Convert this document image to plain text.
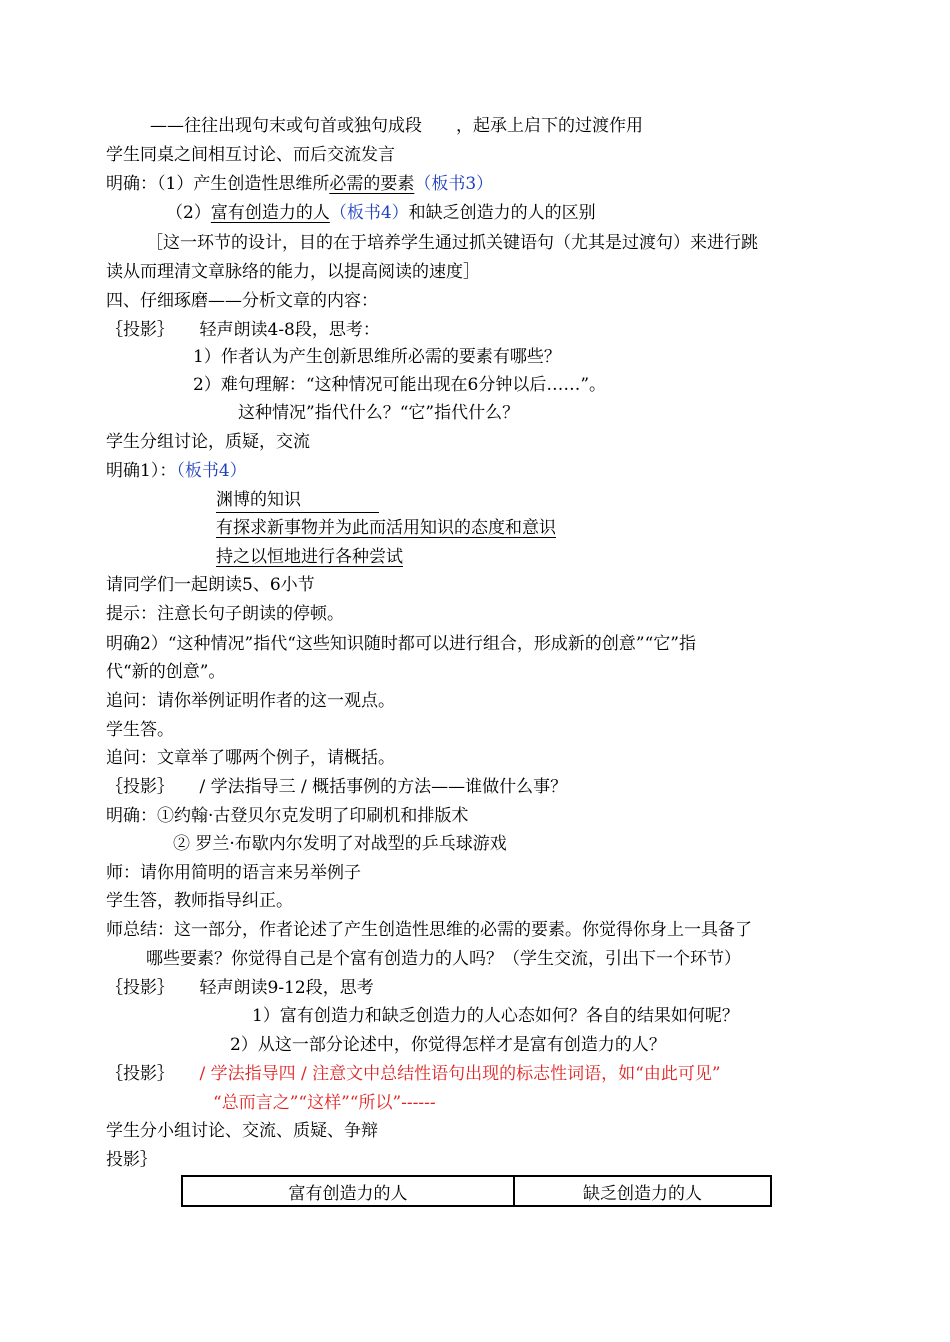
——往往出现句末或句首或独句成段　　，起承上启下的过渡作用
学生同桌之间相互讨论、而后交流发言
明确：（1）产生创造性思维所必需的要素（板书3）
（2）富有创造力的人（板书4）和缺乏创造力的人的区别
［这一环节的设计，目的在于培养学生通过抓关键语句（尤其是过渡句）来进行跳
读从而理清文章脉络的能力，以提高阅读的速度］
四、仔细琢磨——分析文章的内容：
｛投影｝　　轻声朗读4-8段，思考：
1）作者认为产生创新思维所必需的要素有哪些？
2）难句理解：“这种情况可能出现在6分钟以后……”。
这种情况”指代什么？“它”指代什么？
学生分组讨论，质疑，交流
明确1）：（板书4）
渊博的知识
有探求新事物并为此而活用知识的态度和意识
持之以恒地进行各种尝试
请同学们一起朗读5、6小节
提示：注意长句子朗读的停顿。
明确2）“这种情况”指代“这些知识随时都可以进行组合，形成新的创意”“它”指
代“新的创意”。
追问：请你举例证明作者的这一观点。
学生答。
追问：文章举了哪两个例子，请概括。
｛投影｝　　/ 学法指导三 / 概括事例的方法——谁做什么事？
明确：①约翰·古登贝尔克发明了印刷机和排版术
② 罗兰·布歇内尔发明了对战型的乒乓球游戏
师：请你用简明的语言来另举例子
学生答，教师指导纠正。
师总结：这一部分，作者论述了产生创造性思维的必需的要素。你觉得你身上一具备了
哪些要素？你觉得自己是个富有创造力的人吗？（学生交流，引出下一个环节）
｛投影｝　　轻声朗读9-12段，思考
1）富有创造力和缺乏创造力的人心态如何？各自的结果如何呢？
2）从这一部分论述中，你觉得怎样才是富有创造力的人？
｛投影｝　　/ 学法指导四 / 注意文中总结性语句出现的标志性词语，如“由此可见”
“总而言之”“这样”“所以”------
学生分小组讨论、交流、质疑、争辩
投影｝
富有创造力的人	缺乏创造力的人
